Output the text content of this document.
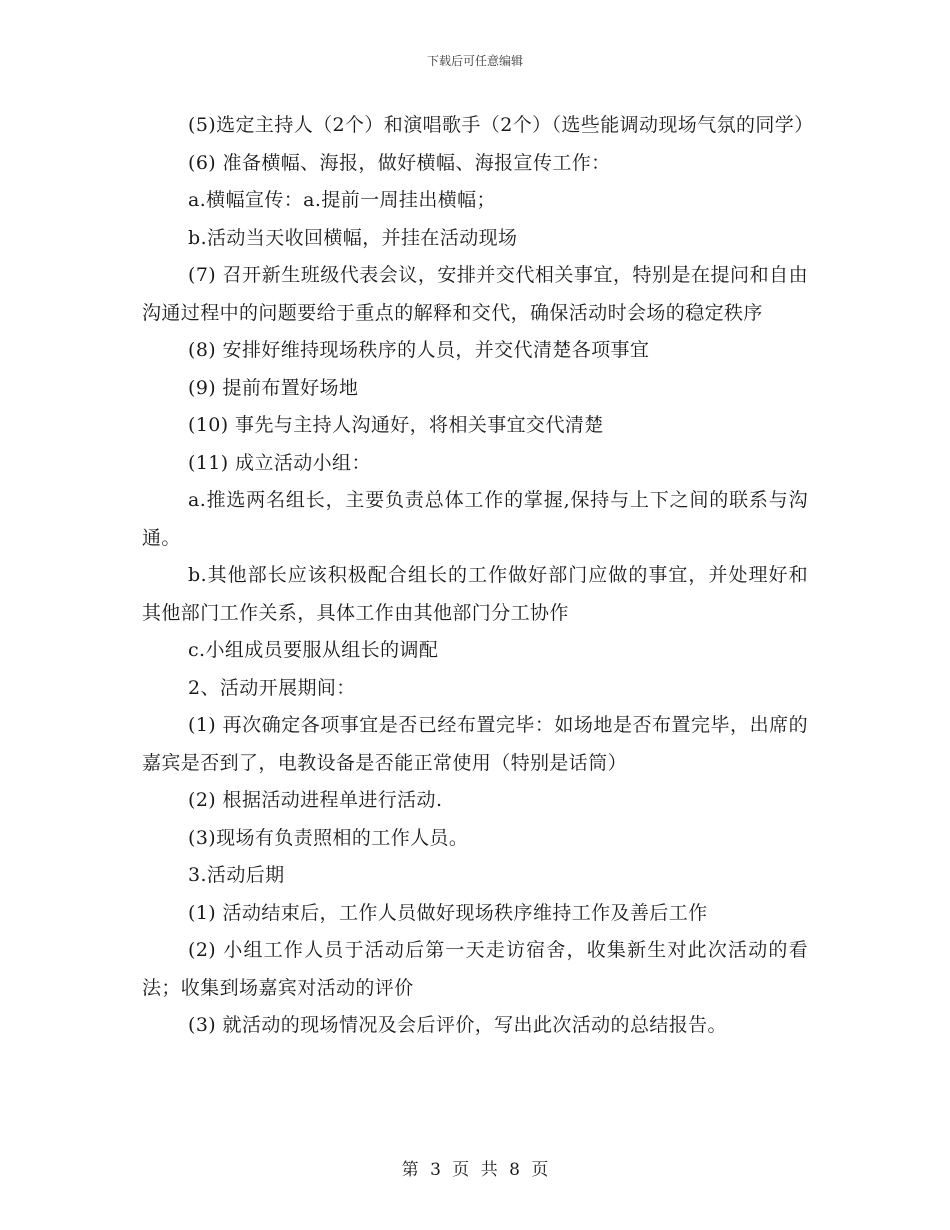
下载后可任意编辑

(5)选定主持人（2个）和演唱歌手（2个）（选些能调动现场气氛的同学）

(6) 准备横幅、海报，做好横幅、海报宣传工作：

a.横幅宣传：a.提前一周挂出横幅；

b.活动当天收回横幅，并挂在活动现场

(7) 召开新生班级代表会议，安排并交代相关事宜，特别是在提问和自由沟通过程中的问题要给于重点的解释和交代，确保活动时会场的稳定秩序

(8) 安排好维持现场秩序的人员，并交代清楚各项事宜

(9) 提前布置好场地

(10) 事先与主持人沟通好，将相关事宜交代清楚

(11) 成立活动小组：

a.推选两名组长，主要负责总体工作的掌握,保持与上下之间的联系与沟通。

b.其他部长应该积极配合组长的工作做好部门应做的事宜，并处理好和其他部门工作关系，具体工作由其他部门分工协作

c.小组成员要服从组长的调配

2、活动开展期间：

(1) 再次确定各项事宜是否已经布置完毕：如场地是否布置完毕，出席的嘉宾是否到了，电教设备是否能正常使用（特别是话筒）

(2) 根据活动进程单进行活动.

(3)现场有负责照相的工作人员。

3.活动后期

(1) 活动结束后，工作人员做好现场秩序维持工作及善后工作

(2) 小组工作人员于活动后第一天走访宿舍，收集新生对此次活动的看法；收集到场嘉宾对活动的评价

(3) 就活动的现场情况及会后评价，写出此次活动的总结报告。

第 3 页 共 8 页
